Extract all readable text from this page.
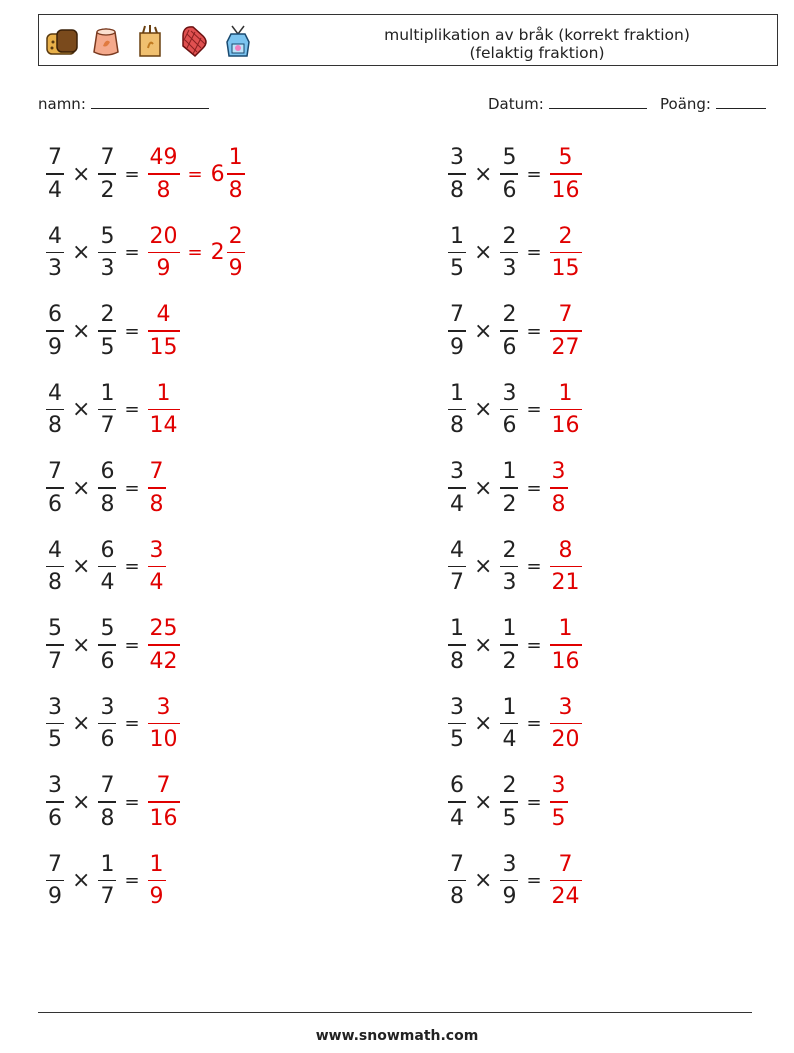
multiplikation av bråk (korrekt fraktion)
(felaktig fraktion)
namn:	Datum:	Poäng:
$\frac{7}{4} \times \frac{7}{2} = \frac{49}{8} = 6 \frac{1}{8}$
$\frac{4}{3} \times \frac{5}{3} = \frac{20}{9} = 2 \frac{2}{9}$
$\frac{6}{9} \times \frac{2}{5} = \frac{4}{15}$
$\frac{4}{8} \times \frac{1}{7} = \frac{1}{14}$
$\frac{7}{6} \times \frac{6}{8} = \frac{7}{8}$
$\frac{4}{8} \times \frac{6}{4} = \frac{3}{4}$
$\frac{5}{7} \times \frac{5}{6} = \frac{25}{42}$
$\frac{3}{5} \times \frac{3}{6} = \frac{3}{10}$
$\frac{3}{6} \times \frac{7}{8} = \frac{7}{16}$
$\frac{7}{9} \times \frac{1}{7} = \frac{1}{9}$
$\frac{3}{8} \times \frac{5}{6} = \frac{5}{16}$
$\frac{1}{5} \times \frac{2}{3} = \frac{2}{15}$
$\frac{7}{9} \times \frac{2}{6} = \frac{7}{27}$
$\frac{1}{8} \times \frac{3}{6} = \frac{1}{16}$
$\frac{3}{4} \times \frac{1}{2} = \frac{3}{8}$
$\frac{4}{7} \times \frac{2}{3} = \frac{8}{21}$
$\frac{1}{8} \times \frac{1}{2} = \frac{1}{16}$
$\frac{3}{5} \times \frac{1}{4} = \frac{3}{20}$
$\frac{6}{4} \times \frac{2}{5} = \frac{3}{5}$
$\frac{7}{8} \times \frac{3}{9} = \frac{7}{24}$
www.snowmath.com
